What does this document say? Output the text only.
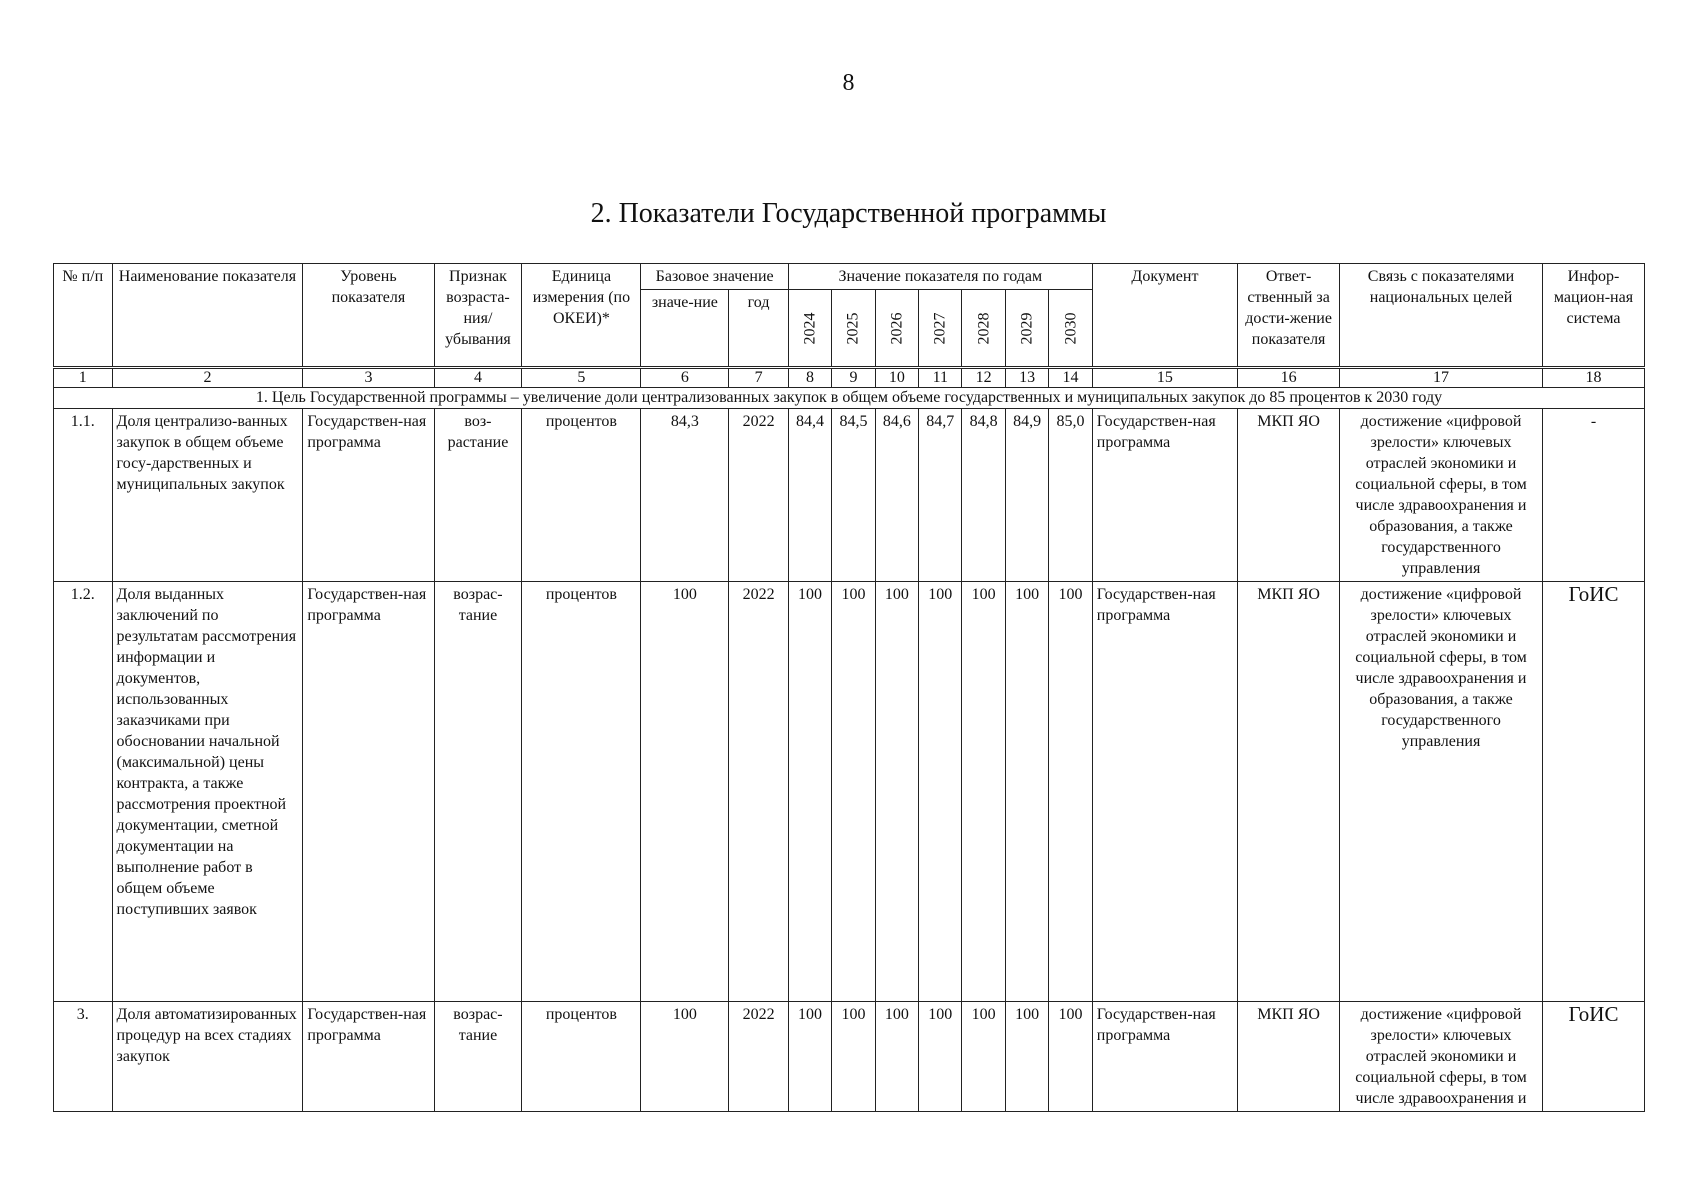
8
2. Показатели Государственной программы
№ п/п	Наименование показателя	Уровень показателя	Признак возраста-ния/ убывания	Единица измерения (по ОКЕИ)*	Базовое значение		Значение показателя по годам							Документ	Ответ-ственный за дости-жение показателя	Связь с показателями национальных целей	Инфор-мацион-ная система
					значе-ние	год	2024	2025	2026	2027	2028	2029	2030				

1	2	3	4	5	6	7	8	9	10	11	12	13	14	15	16	17	18
1. Цель Государственной программы – увеличение доли централизованных закупок в общем объеме государственных и муниципальных закупок до 85 процентов к 2030 году																	
1.1.	Доля централизо-ванных закупок в общем объеме госу-дарственных и муниципальных закупок	Государствен-ная программа	воз-растание	процентов	84,3	2022	84,4	84,5	84,6	84,7	84,8	84,9	85,0	Государствен-ная программа	МКП ЯО	достижение «цифровой зрелости» ключевых отраслей экономики и социальной сферы, в том числе здравоохранения и образования, а также государственного управления	-
1.2.	Доля выданных заключений по результатам рассмотрения информации и документов, использованных заказчиками при обосновании начальной (максимальной) цены контракта, а также рассмотрения проектной документации, сметной документации на выполнение работ в общем объеме поступивших заявок	Государствен-ная программа	возрас-тание	процентов	100	2022	100	100	100	100	100	100	100	Государствен-ная программа	МКП ЯО	достижение «цифровой зрелости» ключевых отраслей экономики и социальной сферы, в том числе здравоохранения и образования, а также государственного управления	ГоИС
3.	Доля автоматизированных процедур на всех стадиях закупок	Государствен-ная программа	возрас-тание	процентов	100	2022	100	100	100	100	100	100	100	Государствен-ная программа	МКП ЯО	достижение «цифровой зрелости» ключевых отраслей экономики и социальной сферы, в том числе здравоохранения и	ГоИС
